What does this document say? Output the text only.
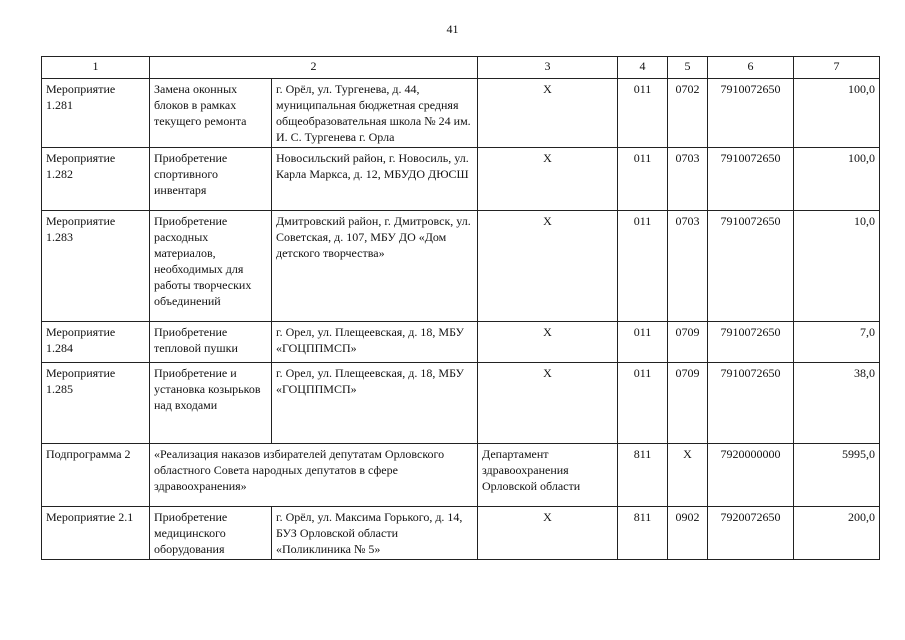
41
1	2		3	4	5	6	7
Мероприятие 1.281	Замена оконных блоков в рамках текущего ремонта	г. Орёл, ул. Тургенева, д. 44, муниципальная бюджетная средняя общеобразовательная школа № 24 им. И. С. Тургенева г. Орла	Х	011	0702	7910072650	100,0
Мероприятие 1.282	Приобретение спортивного инвентаря	Новосильский район, г. Новосиль, ул. Карла Маркса, д. 12, МБУДО ДЮСШ	Х	011	0703	7910072650	100,0
Мероприятие 1.283	Приобретение расходных материалов, необходимых для работы творческих объединений	Дмитровский район, г. Дмитровск, ул. Советская, д. 107, МБУ ДО «Дом детского творчества»	Х	011	0703	7910072650	10,0
Мероприятие 1.284	Приобретение тепловой пушки	г. Орел, ул. Плещеевская, д. 18, МБУ «ГОЦППМСП»	Х	011	0709	7910072650	7,0
Мероприятие 1.285	Приобретение и установка козырьков над входами	г. Орел, ул. Плещеевская, д. 18, МБУ «ГОЦППМСП»	Х	011	0709	7910072650	38,0
Подпрограмма 2	«Реализация наказов избирателей депутатам Орловского областного Совета народных депутатов в сфере здравоохранения»		Департамент здравоохранения Орловской области	811	Х	7920000000	5995,0
Мероприятие 2.1	Приобретение медицинского оборудования	г. Орёл, ул. Максима Горького, д. 14, БУЗ Орловской области «Поликлиника № 5»	Х	811	0902	7920072650	200,0
